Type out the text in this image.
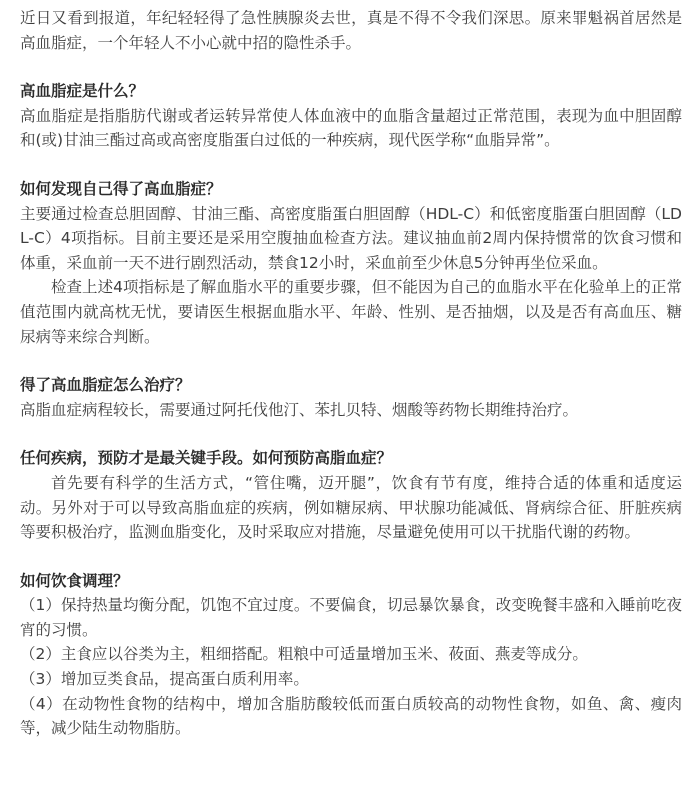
近日又看到报道，年纪轻轻得了急性胰腺炎去世，真是不得不令我们深思。原来罪魁祸首居然是高血脂症，一个年轻人不小心就中招的隐性杀手。
高血脂症是什么？
高血脂症是指脂肪代谢或者运转异常使人体血液中的血脂含量超过正常范围，表现为血中胆固醇和(或)甘油三酯过高或高密度脂蛋白过低的一种疾病，现代医学称“血脂异常”。
如何发现自己得了高血脂症？
主要通过检查总胆固醇、甘油三酯、高密度脂蛋白胆固醇（HDL-C）和低密度脂蛋白胆固醇（LDL-C）4项指标。目前主要还是采用空腹抽血检查方法。建议抽血前2周内保持惯常的饮食习惯和体重，采血前一天不进行剧烈活动，禁食12小时，采血前至少休息5分钟再坐位采血。
检查上述4项指标是了解血脂水平的重要步骤，但不能因为自己的血脂水平在化验单上的正常值范围内就高枕无忧，要请医生根据血脂水平、年龄、性别、是否抽烟，以及是否有高血压、糖尿病等来综合判断。
得了高血脂症怎么治疗？
高脂血症病程较长，需要通过阿托伐他汀、苯扎贝特、烟酸等药物长期维持治疗。
任何疾病，预防才是最关键手段。如何预防高脂血症？
首先要有科学的生活方式，“管住嘴，迈开腿”，饮食有节有度，维持合适的体重和适度运动。另外对于可以导致高脂血症的疾病，例如糖尿病、甲状腺功能减低、肾病综合征、肝脏疾病等要积极治疗，监测血脂变化，及时采取应对措施，尽量避免使用可以干扰脂代谢的药物。
如何饮食调理？
（1）保持热量均衡分配，饥饱不宜过度。不要偏食，切忌暴饮暴食，改变晚餐丰盛和入睡前吃夜宵的习惯。
（2）主食应以谷类为主，粗细搭配。粗粮中可适量增加玉米、莜面、燕麦等成分。
（3）增加豆类食品，提高蛋白质利用率。
（4）在动物性食物的结构中，增加含脂肪酸较低而蛋白质较高的动物性食物，如鱼、禽、瘦肉等，减少陆生动物脂肪。
